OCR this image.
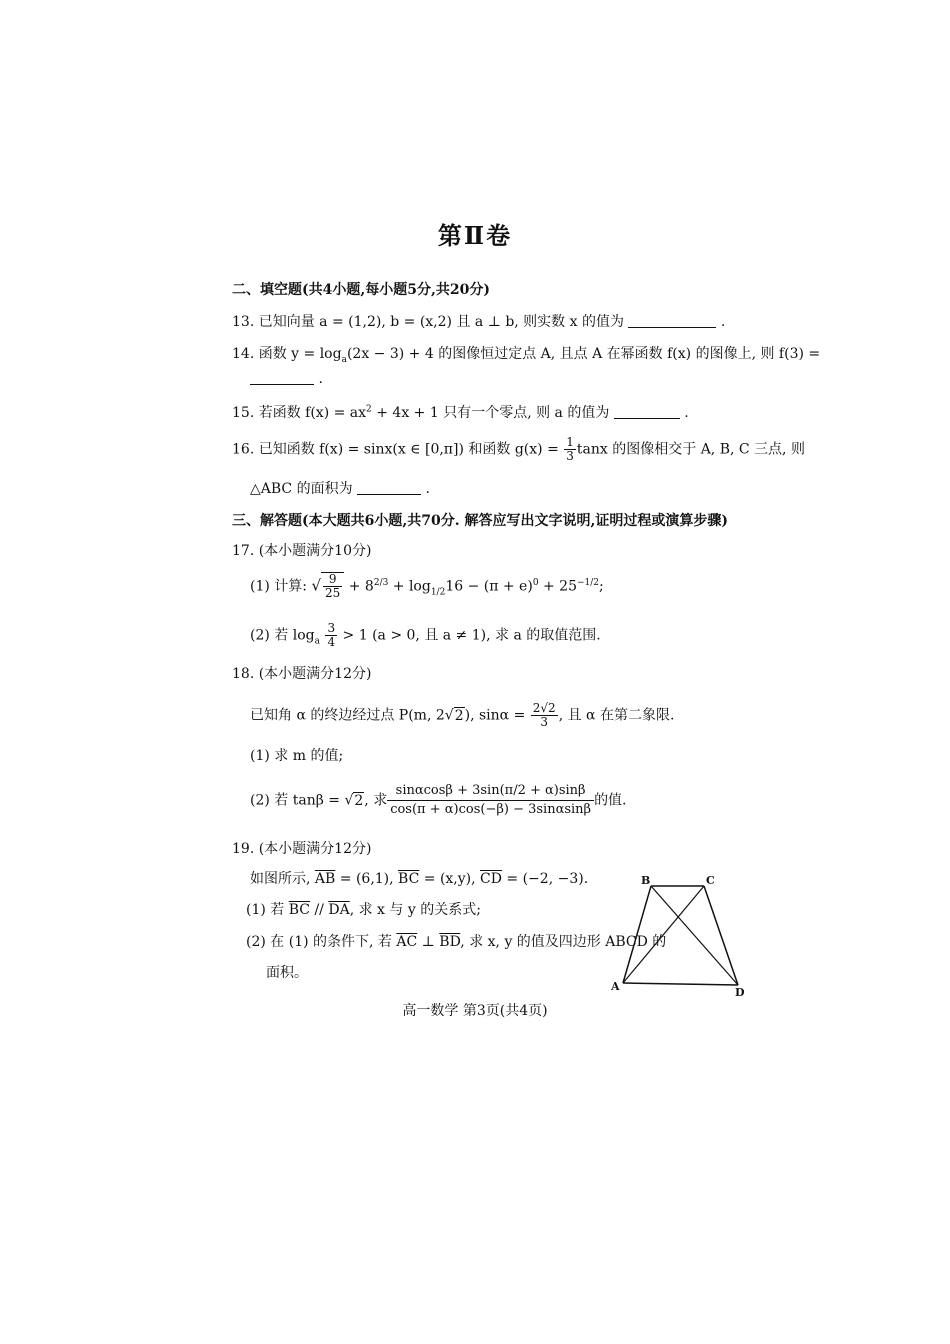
第Ⅱ卷
二、填空题(共4小题,每小题5分,共20分)
13. 已知向量 a = (1,2), b = (x,2) 且 a ⊥ b, 则实数 x 的值为	.
14. 函数 $y = \log_a(2x - 3) + 4$ 的图像恒过定点 A, 且点 A 在幂函数 f(x) 的图像上, 则 f(3) =
.
15. 若函数 $f(x) = ax^2 + 4x + 1$ 只有一个零点, 则 a 的值为	.
16. 已知函数 f(x) = sinx(x ∈ [0,π]) 和函数 $g(x) = \frac{1}{3}$ tanx 的图像相交于 A, B, C 三点, 则
△ABC 的面积为	.
三、解答题(本大题共6小题,共70分. 解答应写出文字说明,证明过程或演算步骤)
17. (本小题满分10分)
(1) 计算: √ $\frac{9}{25} + 8^{2/3} + \log_{1/2}16 - (\pi + e)^0 + 25^{-1/2}$;
(2) 若 $\log_a \frac{3}{4} > 1$ (a > 0, 且 a ≠ 1), 求 a 的取值范围.
18. (本小题满分12分)
已知角 α 的终边经过点 P(m, 2√2), $\sin\alpha = \frac{2√2}{3}$ , 且 α 在第二象限.
(1) 求 m 的值;
(2) 若 tanβ = √2, 求 $\frac{\sin\alpha\cos\beta + 3\sin(\pi/2 + \alpha)\sin\beta}{\cos(\pi + \alpha)\cos(-\beta) - 3\sin\alpha\sin\beta}$ 的值.
19. (本小题满分12分)
如图所示, $\overline{AB} = (6,1)$, $\overline{BC} = (x,y)$, $\overline{CD} = (-2$, −3).
(1) 若 $\overline{BC} // \overline{DA}$, 求 x 与 y 的关系式;
(2) 在 (1) 的条件下, 若 $\overline{AC}$ ⊥ $\overline{BD}$, 求 x, y 的值及四边形 ABCD 的
面积。
B	C
A	D
高一数学 第3页(共4页)
